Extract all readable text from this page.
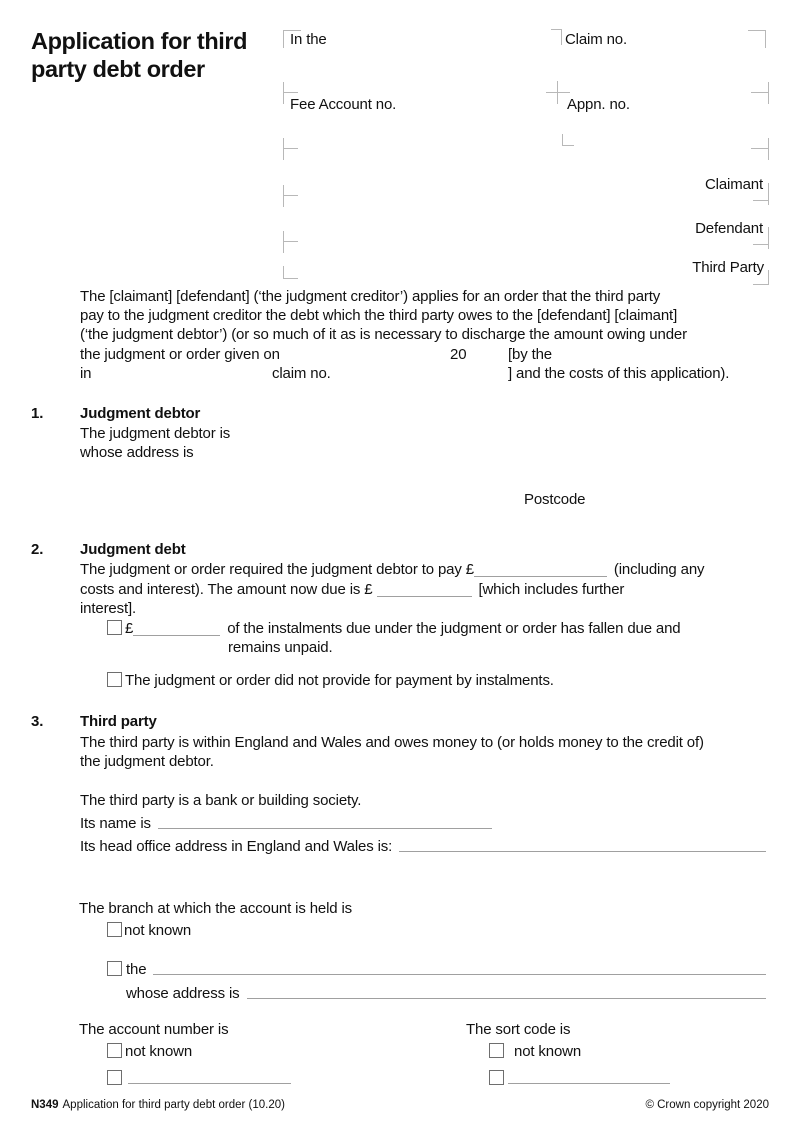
Application for third
party debt order
In the	Claim no.
Fee Account no.	Appn. no.
Claimant
Defendant
Third Party
The [claimant] [defendant] (‘the judgment creditor’) applies for an order that the third party
pay to the judgment creditor the debt which the third party owes to the [defendant] [claimant]
(‘the judgment debtor’) (or so much of it as is necessary to discharge the amount owing under
the judgment or order given on	20	[by the
in	claim no.	] and the costs of this application).
1. Judgment debtor
The judgment debtor is
whose address is
Postcode
2. Judgment debt
The judgment or order required the judgment debtor to pay £	(including any
costs and interest). The amount now due is £	[which includes further
interest].
£	of the instalments due under the judgment or order has fallen due and
remains unpaid.
The judgment or order did not provide for payment by instalments.
3. Third party
The third party is within England and Wales and owes money to (or holds money to the credit of)
the judgment debtor.
The third party is a bank or building society.
Its name is
Its head office address in England and Wales is:
The branch at which the account is held is
not known
the
whose address is
The account number is	The sort code is
not known	not known
N349 Application for third party debt order (10.20)	© Crown copyright 2020
